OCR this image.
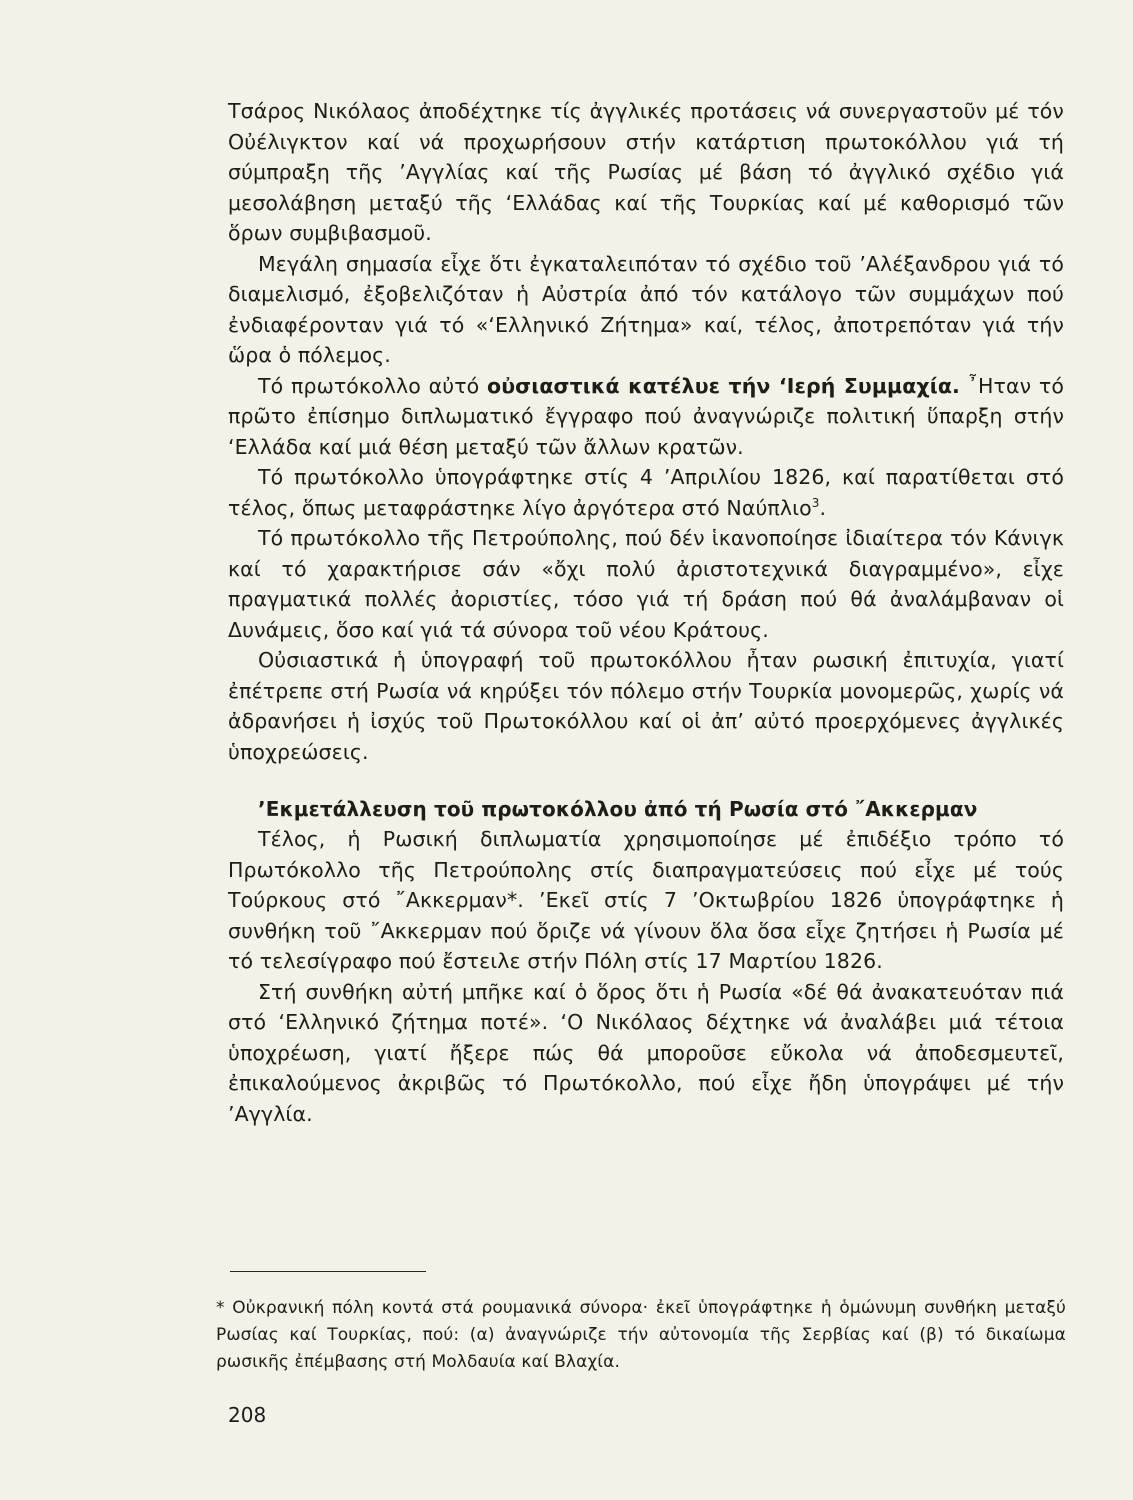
Τσάρος Νικόλαος ἀποδέχτηκε τίς ἀγγλικές προτάσεις νά συνεργαστοῦν μέ τόν Οὐέλιγκτον καί νά προχωρήσουν στήν κατάρτιση πρωτοκόλλου γιά τή σύμπραξη τῆς ’Αγγλίας καί τῆς Ρωσίας μέ βάση τό ἀγγλικό σχέδιο γιά μεσολάβηση μεταξύ τῆς ‘Ελλάδας καί τῆς Τουρκίας καί μέ καθορισμό τῶν ὅρων συμβιβασμοῦ.

Μεγάλη σημασία εἶχε ὅτι ἐγκαταλειπόταν τό σχέδιο τοῦ ’Αλέξανδρου γιά τό διαμελισμό, ἐξοβελιζόταν ἡ Αὐστρία ἀπό τόν κατάλογο τῶν συμμάχων πού ἐνδιαφέρονταν γιά τό «‘Ελληνικό Ζήτημα» καί, τέλος, ἀποτρεπόταν γιά τήν ὥρα ὁ πόλεμος.

Τό πρωτόκολλο αὐτό οὐσιαστικά κατέλυε τήν ‘Ιερή Συμμαχία. ῏Ηταν τό πρῶτο ἐπίσημο διπλωματικό ἔγγραφο πού ἀναγνώριζε πολιτική ὕπαρξη στήν ‘Ελλάδα καί μιά θέση μεταξύ τῶν ἄλλων κρατῶν.

Τό πρωτόκολλο ὑπογράφτηκε στίς 4 ’Απριλίου 1826, καί παρατίθεται στό τέλος, ὅπως μεταφράστηκε λίγο ἀργότερα στό Ναύπλιο$^3$.

Τό πρωτόκολλο τῆς Πετρούπολης, πού δέν ἱκανοποίησε ἰδιαίτερα τόν Κάνιγκ καί τό χαρακτήρισε σάν «ὄχι πολύ ἀριστοτεχνικά διαγραμμένο», εἶχε πραγματικά πολλές ἀοριστίες, τόσο γιά τή δράση πού θά ἀναλάμβαναν οἱ Δυνάμεις, ὅσο καί γιά τά σύνορα τοῦ νέου Κράτους.

Οὐσιαστικά ἡ ὑπογραφή τοῦ πρωτοκόλλου ἦταν ρωσική ἐπιτυχία, γιατί ἐπέτρεπε στή Ρωσία νά κηρύξει τόν πόλεμο στήν Τουρκία μονομερῶς, χωρίς νά ἀδρανήσει ἡ ἰσχύς τοῦ Πρωτοκόλλου καί οἱ ἀπ’ αὐτό προερχόμενες ἀγγλικές ὑποχρεώσεις.

’Εκμετάλλευση τοῦ πρωτοκόλλου ἀπό τή Ρωσία στό ῎Ακκερμαν

Τέλος, ἡ Ρωσική διπλωματία χρησιμοποίησε μέ ἐπιδέξιο τρόπο τό Πρωτόκολλο τῆς Πετρούπολης στίς διαπραγματεύσεις πού εἶχε μέ τούς Τούρκους στό ῎Ακκερμαν*. ’Εκεῖ στίς 7 ’Οκτωβρίου 1826 ὑπογράφτηκε ἡ συνθήκη τοῦ ῎Ακκερμαν πού ὅριζε νά γίνουν ὅλα ὅσα εἶχε ζητήσει ἡ Ρωσία μέ τό τελεσίγραφο πού ἔστειλε στήν Πόλη στίς 17 Μαρτίου 1826.

Στή συνθήκη αὐτή μπῆκε καί ὁ ὅρος ὅτι ἡ Ρωσία «δέ θά ἀνακατευόταν πιά στό ‘Ελληνικό ζήτημα ποτέ». ‘Ο Νικόλαος δέχτηκε νά ἀναλάβει μιά τέτοια ὑποχρέωση, γιατί ἤξερε πώς θά μποροῦσε εὔκολα νά ἀποδεσμευτεῖ, ἐπικαλούμενος ἀκριβῶς τό Πρωτόκολλο, πού εἶχε ἤδη ὑπογράψει μέ τήν ’Αγγλία.

* Οὐκρανική πόλη κοντά στά ρουμανικά σύνορα· ἐκεῖ ὑπογράφτηκε ἡ ὁμώνυμη συνθήκη μεταξύ Ρωσίας καί Τουρκίας, πού: (α) ἀναγνώριζε τήν αὐτονομία τῆς Σερβίας καί (β) τό δικαίωμα ρωσικῆς ἐπέμβασης στή Μολδαυία καί Βλαχία.
208
